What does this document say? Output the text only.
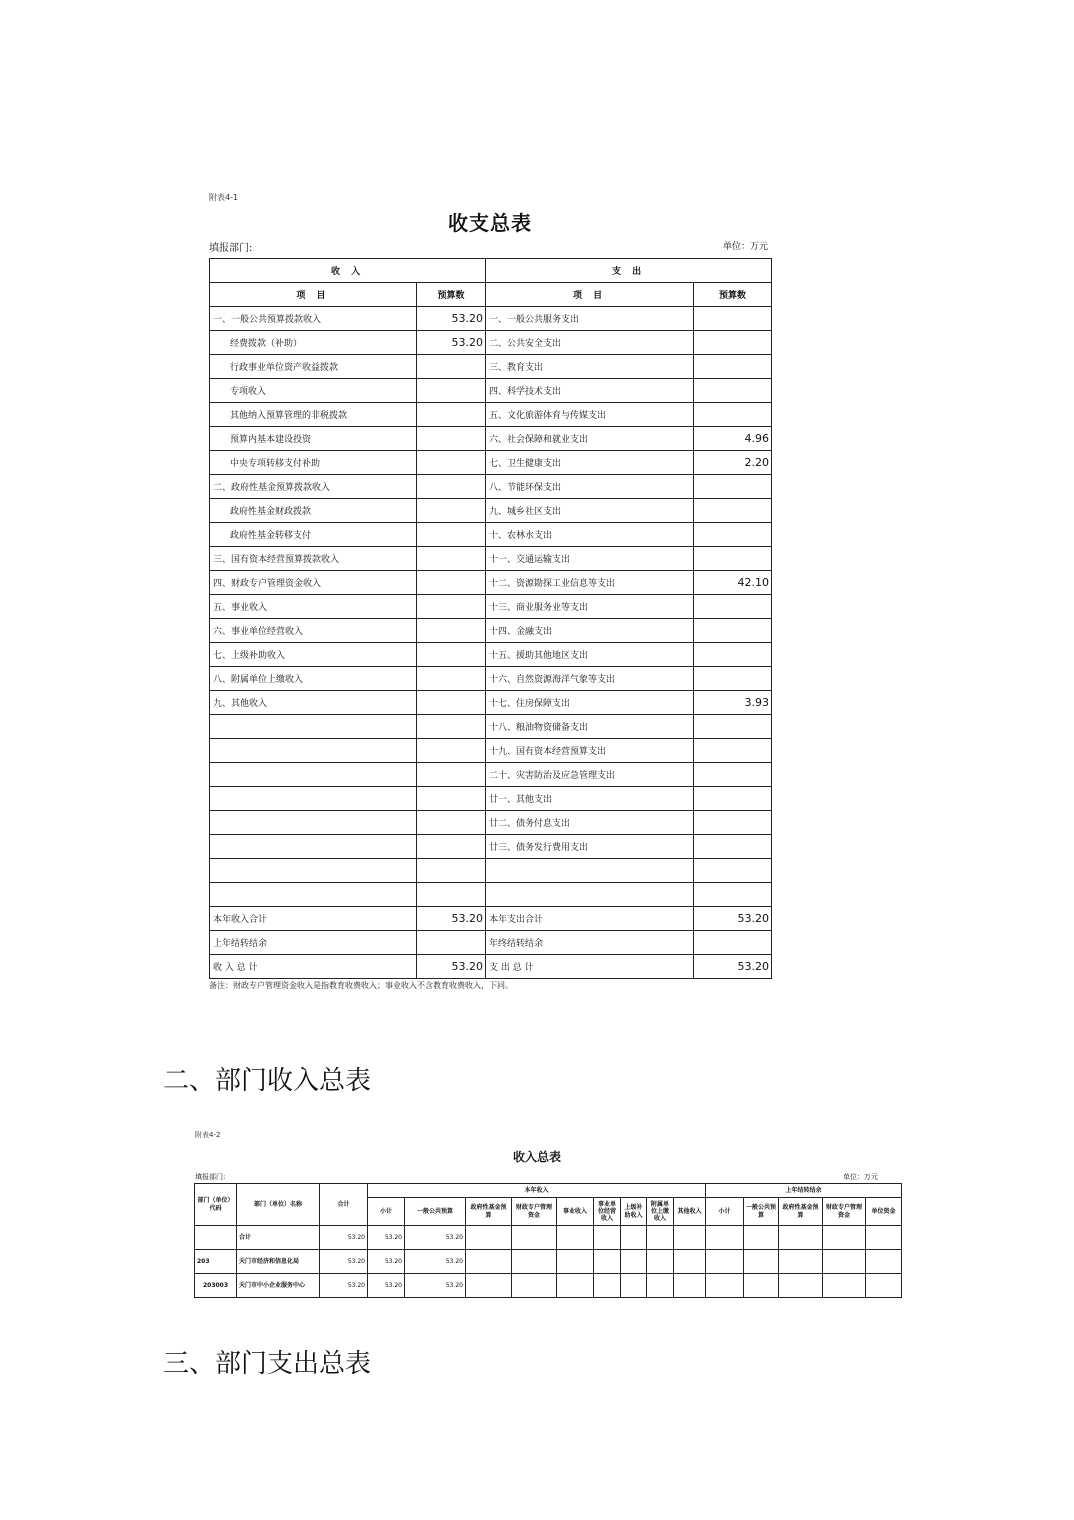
附表4-1
收支总表
填报部门:	单位：万元
收 入		支 出	
项 目	预算数	项 目	预算数
一、一般公共预算拨款收入	53.20	一、一般公共服务支出	
经费拨款（补助）	53.20	二、公共安全支出	
行政事业单位资产收益拨款		三、教育支出	
专项收入		四、科学技术支出	
其他纳入预算管理的非税拨款		五、文化旅游体育与传媒支出	
预算内基本建设投资		六、社会保障和就业支出	4.96
中央专项转移支付补助		七、卫生健康支出	2.20
二、政府性基金预算拨款收入		八、节能环保支出	
政府性基金财政拨款		九、城乡社区支出	
政府性基金转移支付		十、农林水支出	
三、国有资本经营预算拨款收入		十一、交通运输支出	
四、财政专户管理资金收入		十二、资源勘探工业信息等支出	42.10
五、事业收入		十三、商业服务业等支出	
六、事业单位经营收入		十四、金融支出	
七、上级补助收入		十五、援助其他地区支出	
八、附属单位上缴收入		十六、自然资源海洋气象等支出	
九、其他收入		十七、住房保障支出	3.93
		十八、粮油物资储备支出	
		十九、国有资本经营预算支出	
		二十、灾害防治及应急管理支出	
		廿一、其他支出	
		廿二、债务付息支出	
		廿三、债务发行费用支出	

本年收入合计	53.20	本年支出合计	53.20
上年结转结余		年终结转结余	
收 入 总 计	53.20	支 出 总 计	53.20
备注：财政专户管理资金收入是指教育收费收入；事业收入不含教育收费收入，下同。
二、部门收入总表
附表4-2
收入总表
填报部门:	单位：万元
部门（单位）代码	部门（单位）名称	合计	本年收入									上年结转结余				
			小计	一般公共预算	政府性基金预算	财政专户管理资金	事业收入	事业单位经营收入	上级补助收入	附属单位上缴收入	其他收入	小计	一般公共预算	政府性基金预算	财政专户管理资金	单位资金
	合计	53.20	53.20	53.20												
203	天门市经济和信息化局	53.20	53.20	53.20												
203003	天门市中小企业服务中心	53.20	53.20	53.20												
三、部门支出总表
